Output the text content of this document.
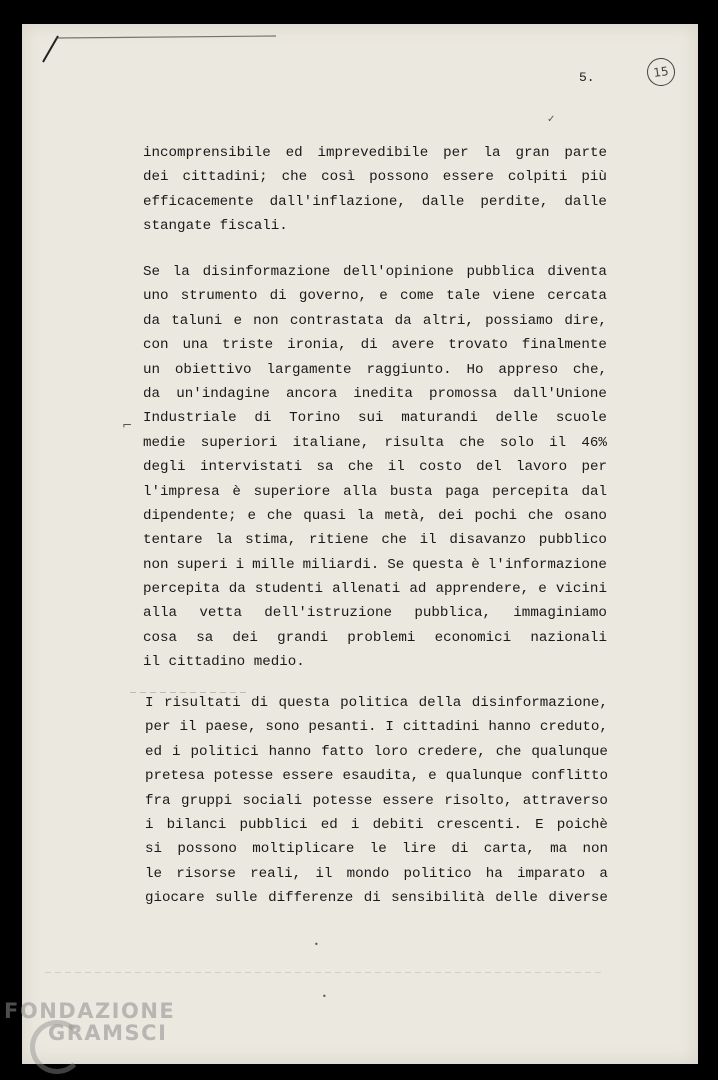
5.	15
incomprensibile ed imprevedibile per la gran parte
dei cittadini; che così possono essere colpiti più
efficacemente dall'inflazione, dalle perdite, dalle
stangate fiscali.
Se la disinformazione dell'opinione pubblica diventa
uno strumento di governo, e come tale viene cercata
da taluni e non contrastata da altri, possiamo dire,
con una triste ironia, di avere trovato finalmente
un obiettivo largamente raggiunto. Ho appreso che,
da un'indagine ancora inedita promossa dall'Unione
Industriale di Torino sui maturandi delle scuole
medie superiori italiane, risulta che solo il 46%
degli intervistati sa che il costo del lavoro per
l'impresa è superiore alla busta paga percepita dal
dipendente; e che quasi la metà, dei pochi che osano
tentare la stima, ritiene che il disavanzo pubblico
non superi i mille miliardi. Se questa è l'informazione
percepita da studenti allenati ad apprendere, e vicini
alla vetta dell'istruzione pubblica, immaginiamo
cosa sa dei grandi problemi economici nazionali
il cittadino medio.
I risultati di questa politica della disinformazione,
per il paese, sono pesanti. I cittadini hanno creduto,
ed i politici hanno fatto loro credere, che qualunque
pretesa potesse essere esaudita, e qualunque conflitto
fra gruppi sociali potesse essere risolto, attraverso
i bilanci pubblici ed i debiti crescenti. E poichè
si possono moltiplicare le lire di carta, ma non
le risorse reali, il mondo politico ha imparato a
giocare sulle differenze di sensibilità delle diverse
✓
⌐
•
•
FONDAZIONE
GRAMSCI
